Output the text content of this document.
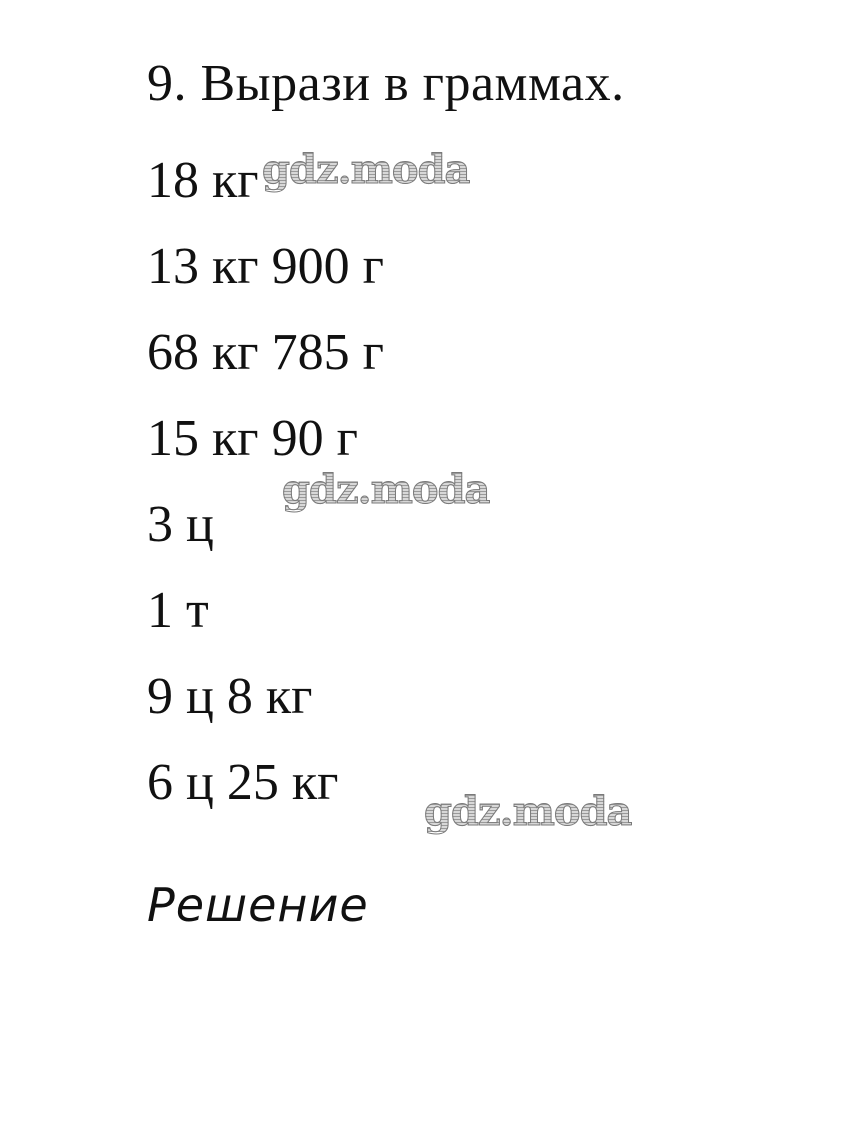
9. Вырази в граммах.
18 кг
13 кг 900 г
68 кг 785 г
15 кг 90 г
3 ц
1 т
9 ц 8 кг
6 ц 25 кг
Решение
gdz.moda
gdz.moda
gdz.moda
